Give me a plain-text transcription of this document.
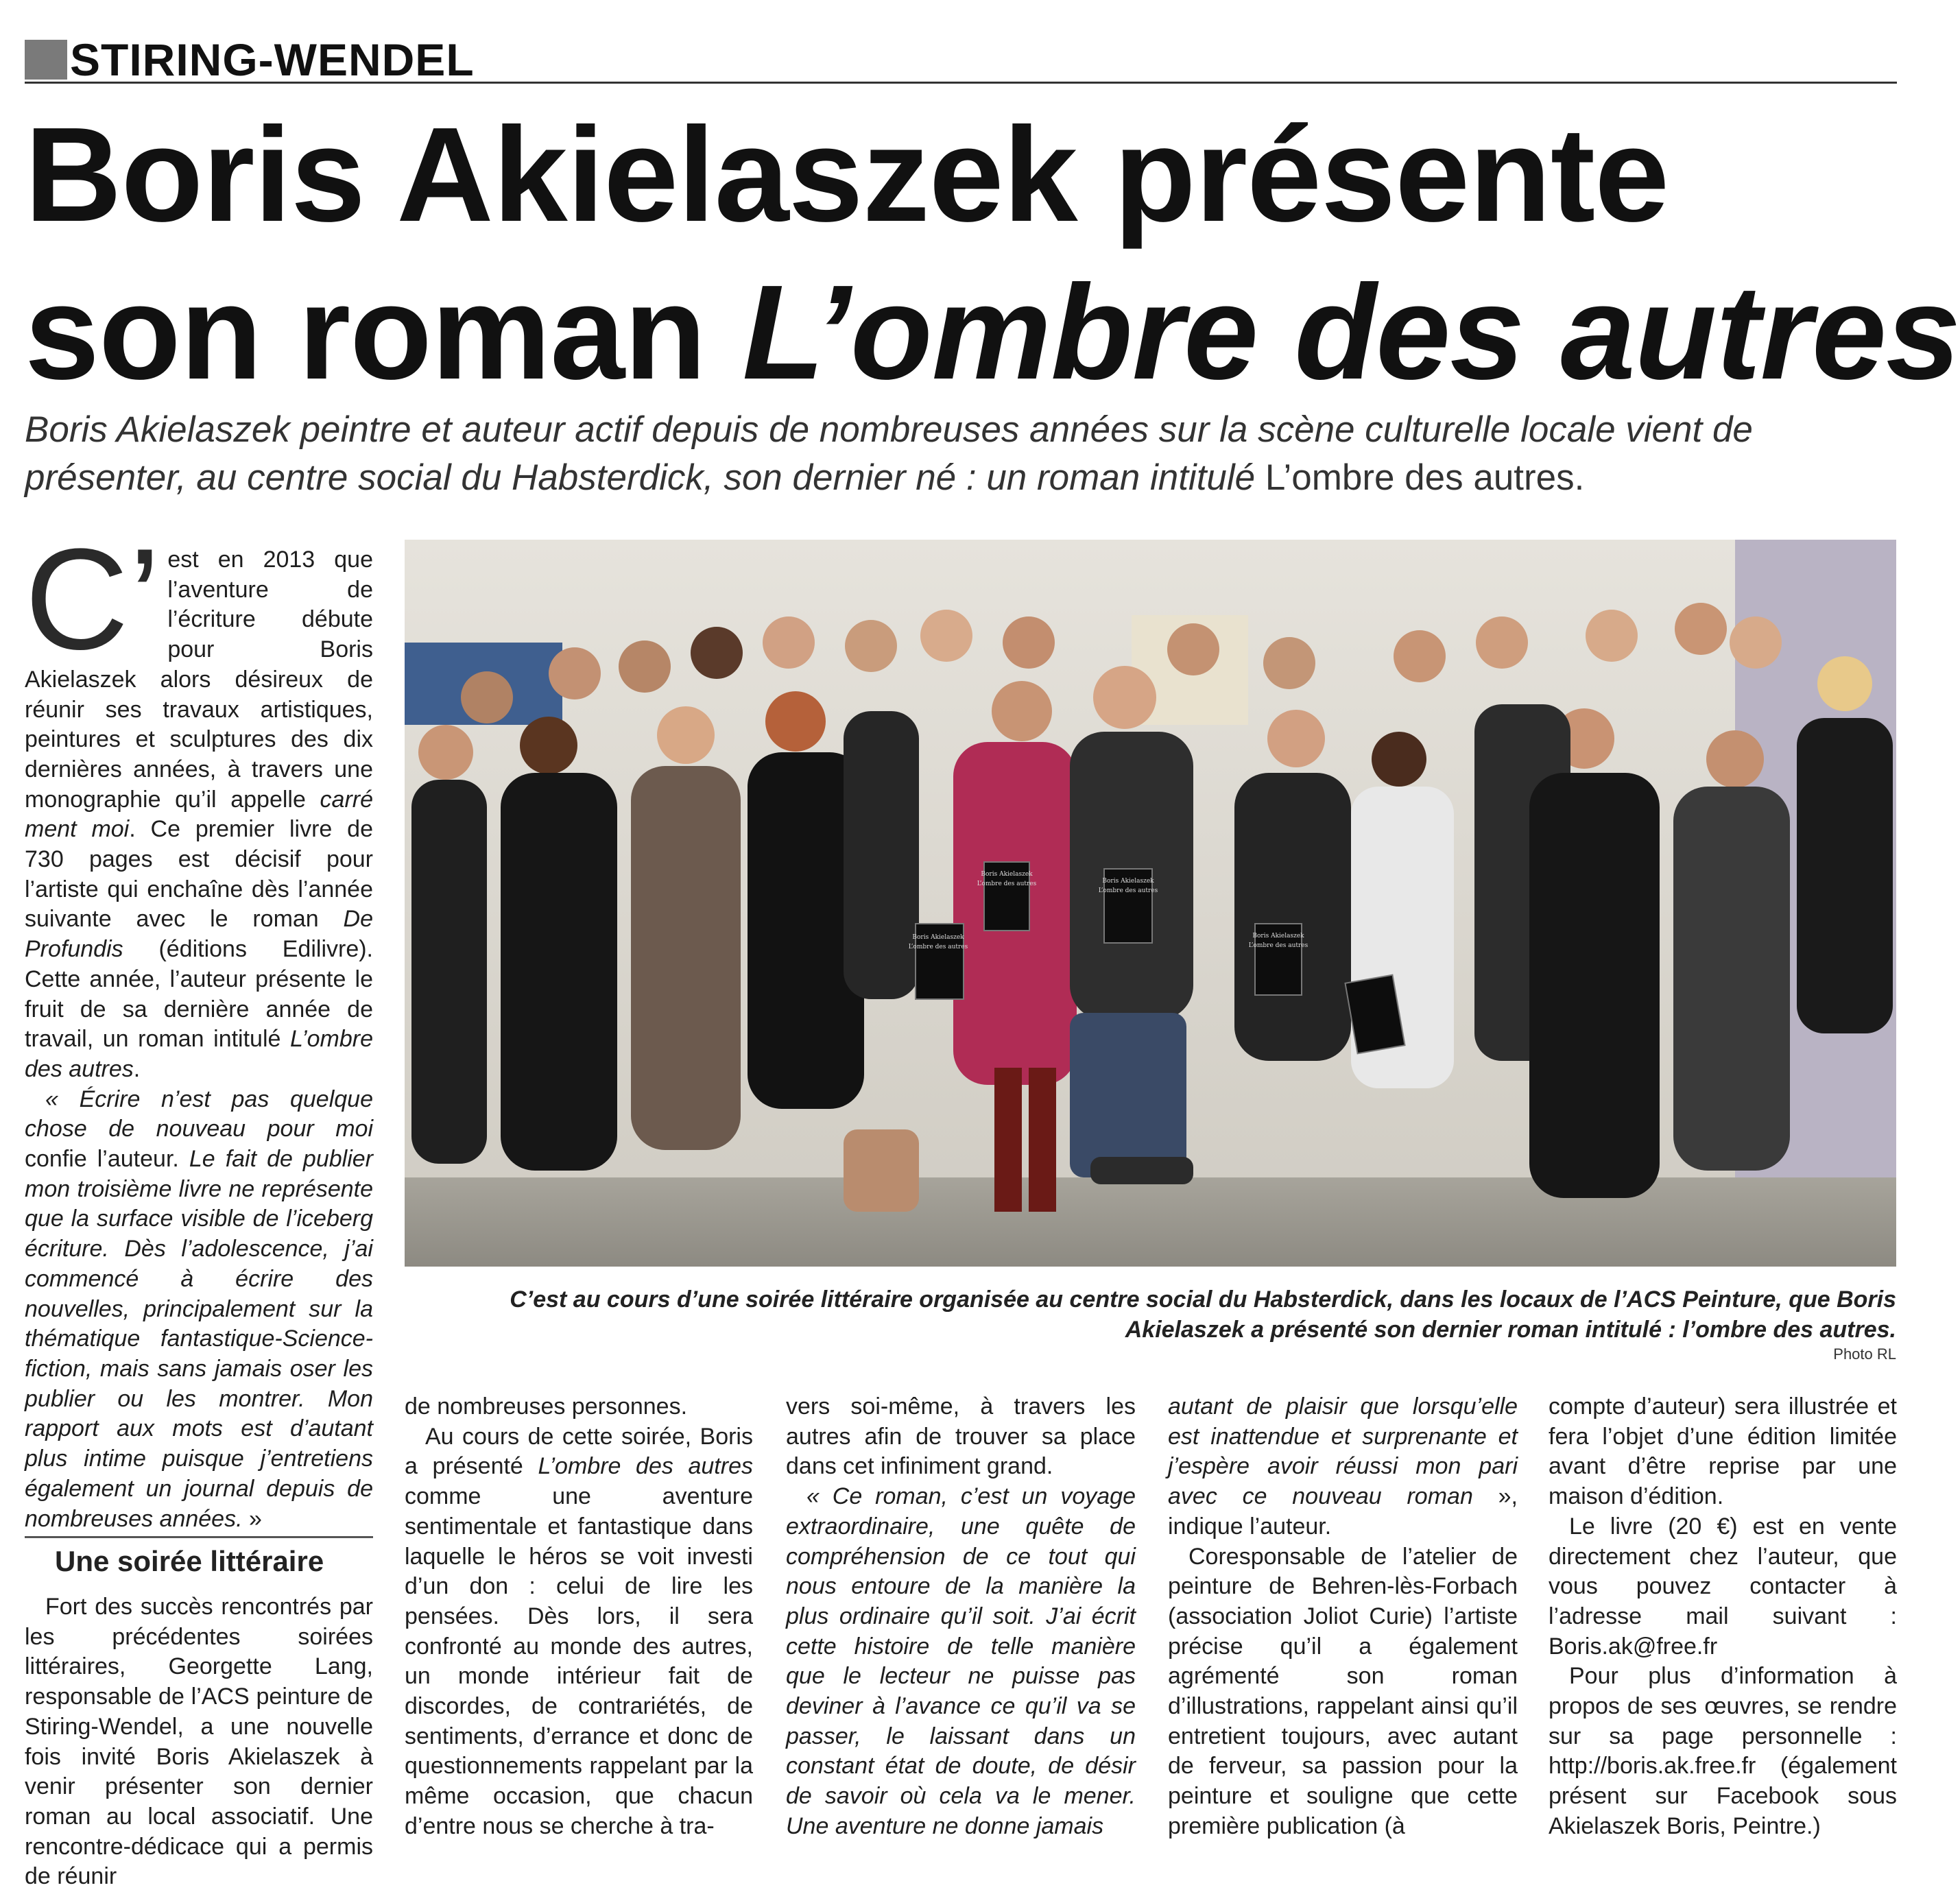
STIRING-WENDEL
Boris Akielaszek présente
son roman L’ombre des autres

Boris Akielaszek peintre et auteur actif depuis de nombreuses années sur la scène culturelle locale vient de présenter, au centre social du Habsterdick, son dernier né : un roman intitulé L’ombre des autres.

C’ est en 2013 que l’aventure de l’écriture débute pour Boris Akielaszek alors désireux de réunir ses travaux artistiques, peintures et sculptures des dix dernières années, à travers une monographie qu’il appelle carré ment moi. Ce premier livre de 730 pages est décisif pour l’artiste qui enchaîne dès l’année suivante avec le roman De Profundis (éditions Edilivre). Cette année, l’auteur présente le fruit de sa dernière année de travail, un roman intitulé L’ombre des autres.

« Écrire n’est pas quelque chose de nouveau pour moi confie l’auteur. Le fait de publier mon troisième livre ne représente que la surface visible de l’iceberg écriture. Dès l’adolescence, j’ai commencé à écrire des nouvelles, principalement sur la thématique fantastique-Science-fiction, mais sans jamais oser les publier ou les montrer. Mon rapport aux mots est d’autant plus intime puisque j’entretiens également un journal depuis de nombreuses années. »

Une soirée littéraire

Fort des succès rencontrés par les précédentes soirées littéraires, Georgette Lang, responsable de l’ACS peinture de Stiring-Wendel, a une nouvelle fois invité Boris Akielaszek à venir présenter son dernier roman au local associatif. Une rencontre-dédicace qui a permis de réunir

Boris Akielaszek
L’ombre des autres
Boris Akielaszek
L’ombre des autres	Boris Akielaszek
L’ombre des autres
Boris Akielaszek
L’ombre des autres

C’est au cours d’une soirée littéraire organisée au centre social du Habsterdick, dans les locaux de l’ACS Peinture, que Boris Akielaszek a présenté son dernier roman intitulé : l’ombre des autres.

Photo RL

de nombreuses personnes.

Au cours de cette soirée, Boris a présenté L’ombre des autres comme une aventure sentimentale et fantastique dans laquelle le héros se voit investi d’un don : celui de lire les pensées. Dès lors, il sera confronté au monde des autres, un monde intérieur fait de discordes, de contrariétés, de sentiments, d’errance et donc de questionnements rappelant par la même occasion, que chacun d’entre nous se cherche à tra-

vers soi-même, à travers les autres afin de trouver sa place dans cet infiniment grand.

« Ce roman, c’est un voyage extraordinaire, une quête de compréhension de ce tout qui nous entoure de la manière la plus ordinaire qu’il soit. J’ai écrit cette histoire de telle manière que le lecteur ne puisse pas deviner à l’avance ce qu’il va se passer, le laissant dans un constant état de doute, de désir de savoir où cela va le mener. Une aventure ne donne jamais

autant de plaisir que lorsqu’elle est inattendue et surprenante et j’espère avoir réussi mon pari avec ce nouveau roman », indique l’auteur.

Coresponsable de l’atelier de peinture de Behren-lès-Forbach (association Joliot Curie) l’artiste précise qu’il a également agrémenté son roman d’illustrations, rappelant ainsi qu’il entretient toujours, avec autant de ferveur, sa passion pour la peinture et souligne que cette première publication (à

compte d’auteur) sera illustrée et fera l’objet d’une édition limitée avant d’être reprise par une maison d’édition.

Le livre (20 €) est en vente directement chez l’auteur, que vous pouvez contacter à l’adresse mail suivant : Boris.ak@free.fr

Pour plus d’information à propos de ses œuvres, se rendre sur sa page personnelle : http://boris.ak.free.fr (également présent sur Facebook sous Akielaszek Boris, Peintre.)
